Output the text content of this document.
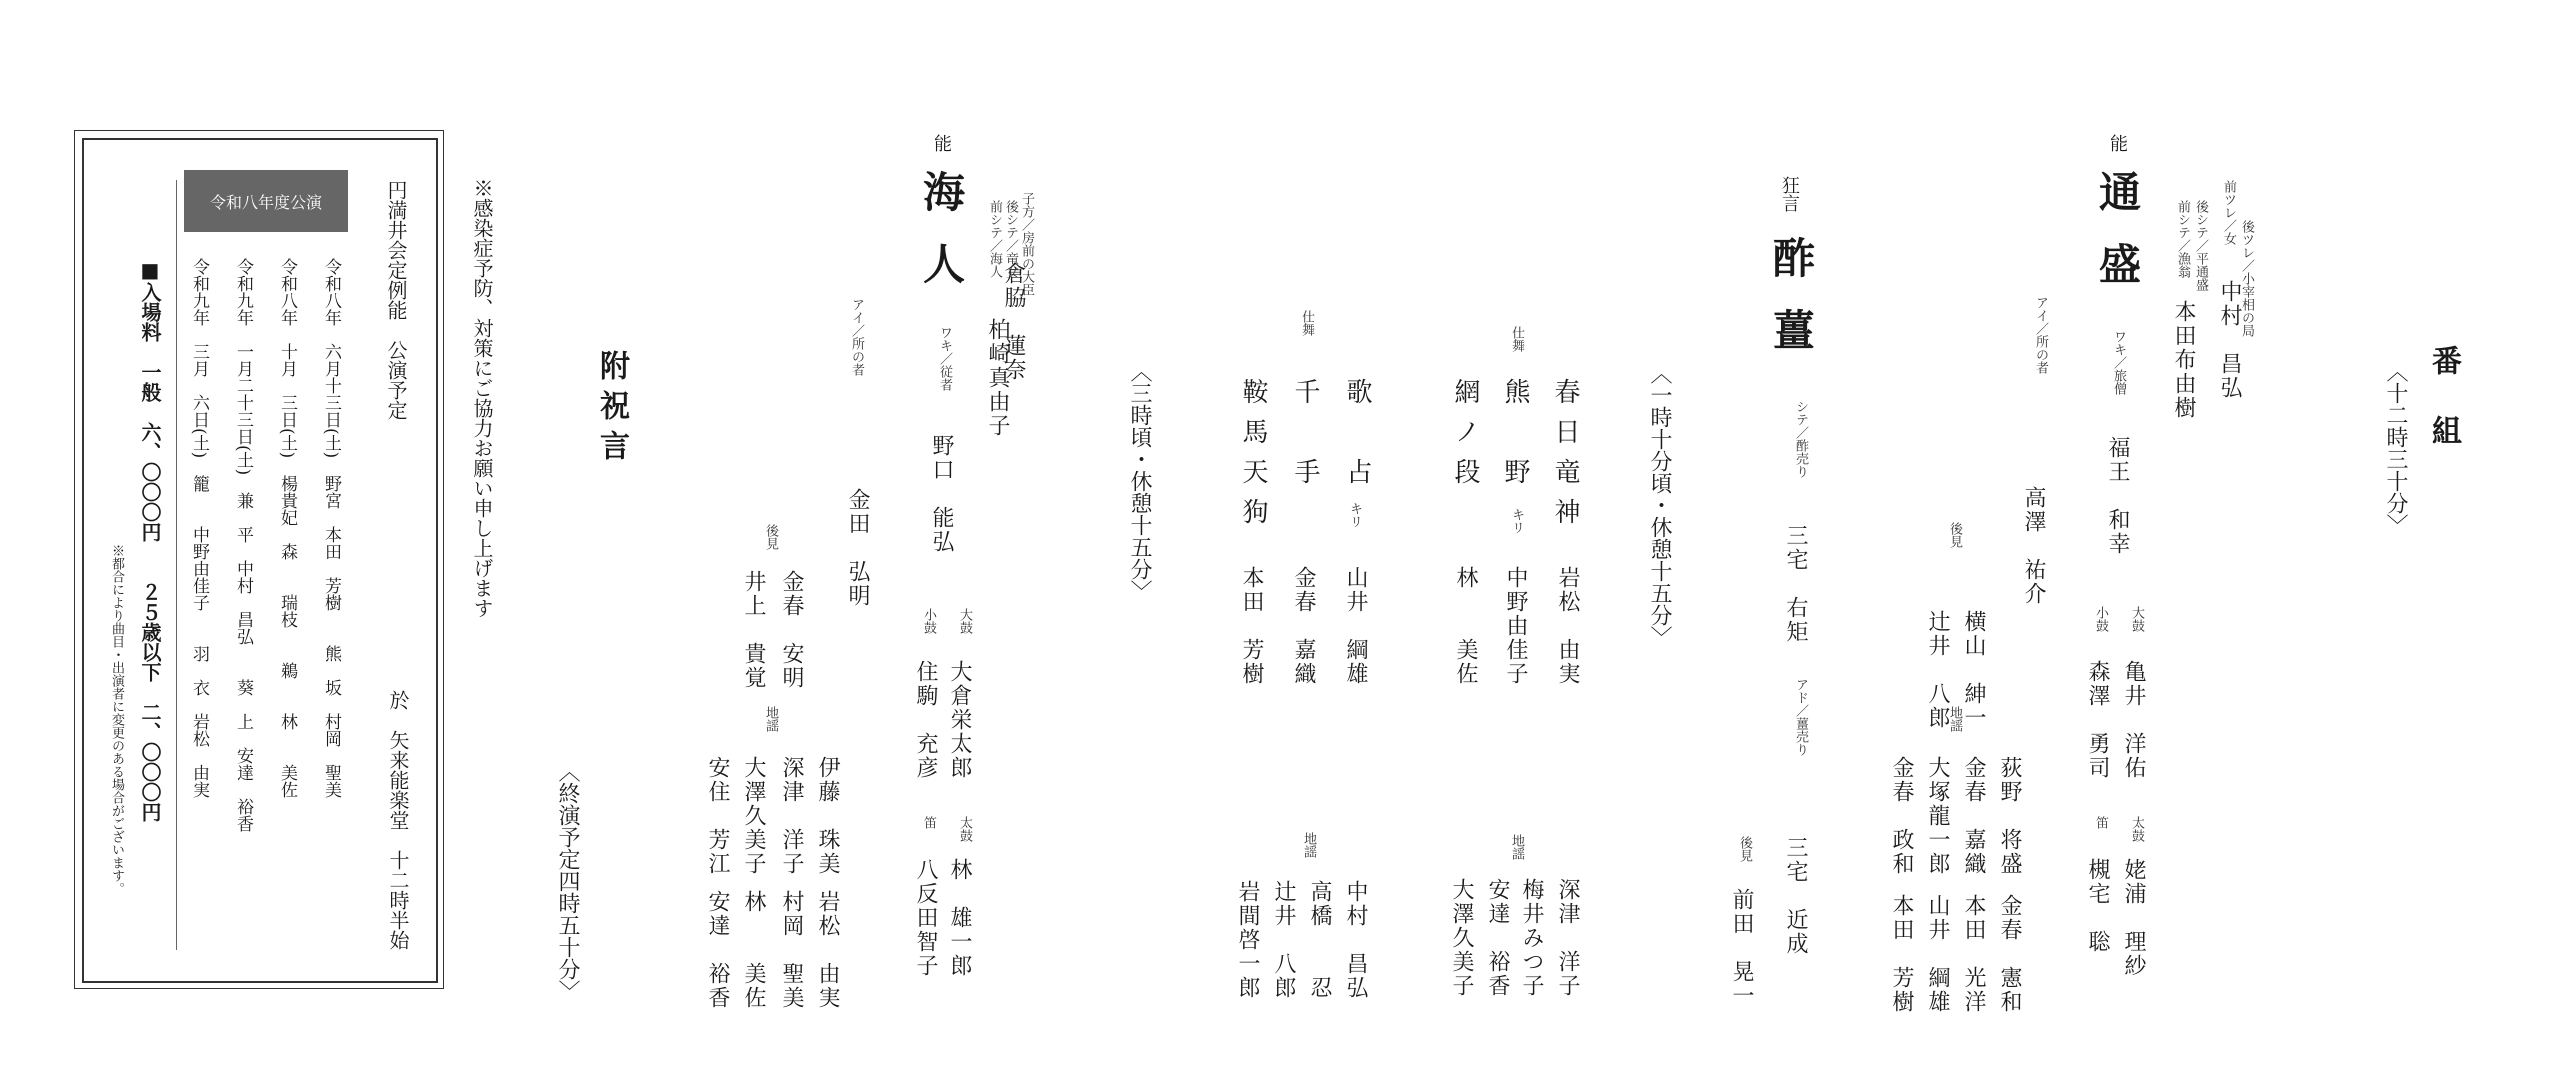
番組
〈十二時三十分〉
後ツレ／小宰相の局
中村　昌弘
前ツレ／女
後シテ／平通盛
本田布由樹
前シテ／漁翁
能
通盛
ワキ／旅僧
福王　和幸
アイ／所の者
高澤　祐介
大鼓
亀井　洋佑
小鼓
森澤　勇司
太鼓
姥浦　理紗
笛
槻宅　聡
後見
横山　紳一
辻井　八郎
地謡
荻野　将盛
金春　憲和
金春　嘉織
本田　光洋
大塚龍一郎
山井　綱雄
金春　政和
本田　芳樹
狂言
酢薑
シテ／酢売り
三宅　右矩
アド／薑売り
三宅　近成
後見
前田　晃一
〈一時十分頃・休憩十五分〉
仕舞
春日竜神
岩松　由実
熊　野
キリ
中野由佳子
網ノ段
林　　美佐
地謡
深津　洋子
梅井みつ子
安達　裕香
大澤久美子
仕舞
歌　占
キリ
山井　綱雄
千　手
金春　嘉織
鞍馬天狗
本田　芳樹
地謡
中村　昌弘
高橋　　忍
辻井　八郎
岩間啓一郎
〈三時頃・休憩十五分〉
子方／房前の大臣
倉脇　蓮奈
後シテ／竜女
柏崎真由子
前シテ／海人
能
海人
ワキ／従者
野口　能弘
アイ／所の者
金田　弘明
大鼓
大倉栄太郎
小鼓
住駒　充彦
太鼓
林　雄一郎
笛
八反田智子
後見
金春　安明
井上　貴覚
地謡
伊藤　珠美
岩松　由実
深津　洋子
村岡　聖美
大澤久美子
林　　美佐
安住　芳江
安達　裕香
附祝言
〈終演予定四時五十分〉
※感染症予防、対策にご協力お願い申し上げます
円満井会定例能　公演予定
於　矢来能楽堂　十二時半始
令和八年度公演
令和八年　六月十三日(土)　野宮　本田　芳樹　　熊　坂　村岡　聖美
令和八年　十月　三日(土)　楊貴妃　森　　瑞枝　　鵜　　林　　美佐
令和九年　一月二十三日(土)　兼　平　中村　昌弘　　葵　上　安達　裕香
令和九年　三月　六日(土)　籠　　中野由佳子　　羽　衣　岩松　由実
■入場料　一般　六、〇〇〇円　　２５歳以下　二、〇〇〇円
※都合により曲目・出演者に変更のある場合がございます。
